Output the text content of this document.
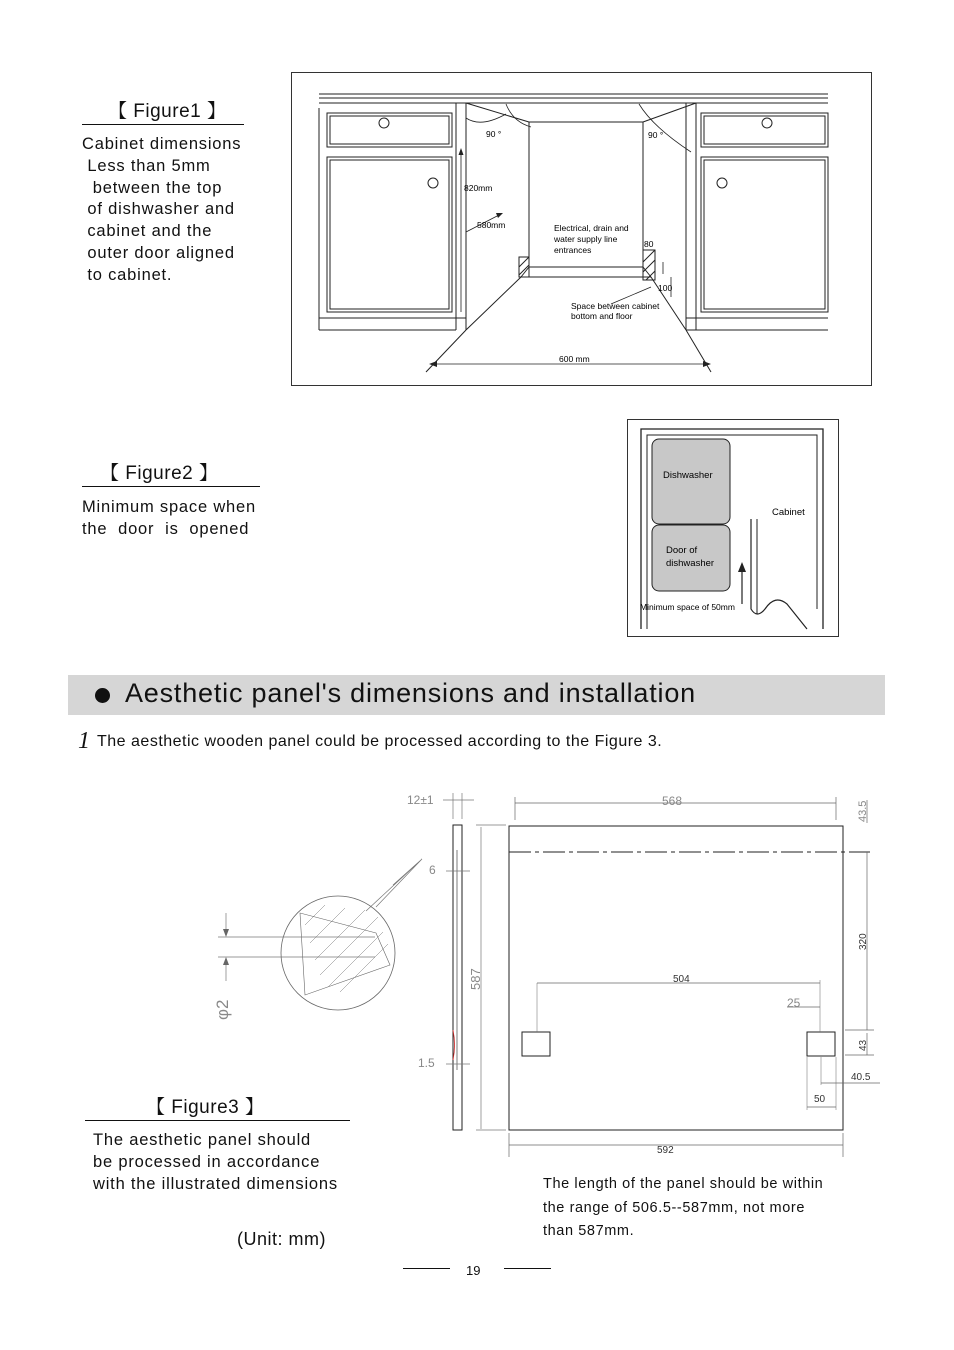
【 Figure1 】
Cabinet dimensions
Less than 5mm
between the top
of dishwasher and
cabinet and the
outer door aligned
to cabinet.
90 °	90 °
820mm
580mm	Electrical, drain and
water supply line
entrances
80
100
Space between cabinet
bottom and floor
600 mm
【 Figure2 】
Minimum space when
the  door  is  opened
Dishwasher
Door of
dishwasher
Cabinet
Minimum space of 50mm
Aesthetic panel's dimensions and installation
1 The aesthetic wooden panel could be processed according to the Figure 3.
12±1
6
587
1.5
φ2
568	43.5
320
504
25
43
40.5
50
592
【 Figure3 】
The aesthetic panel should
be processed in accordance
with the illustrated dimensions
(Unit: mm)
The length of the panel should be within
the range of 506.5--587mm, not more
than 587mm.
19
